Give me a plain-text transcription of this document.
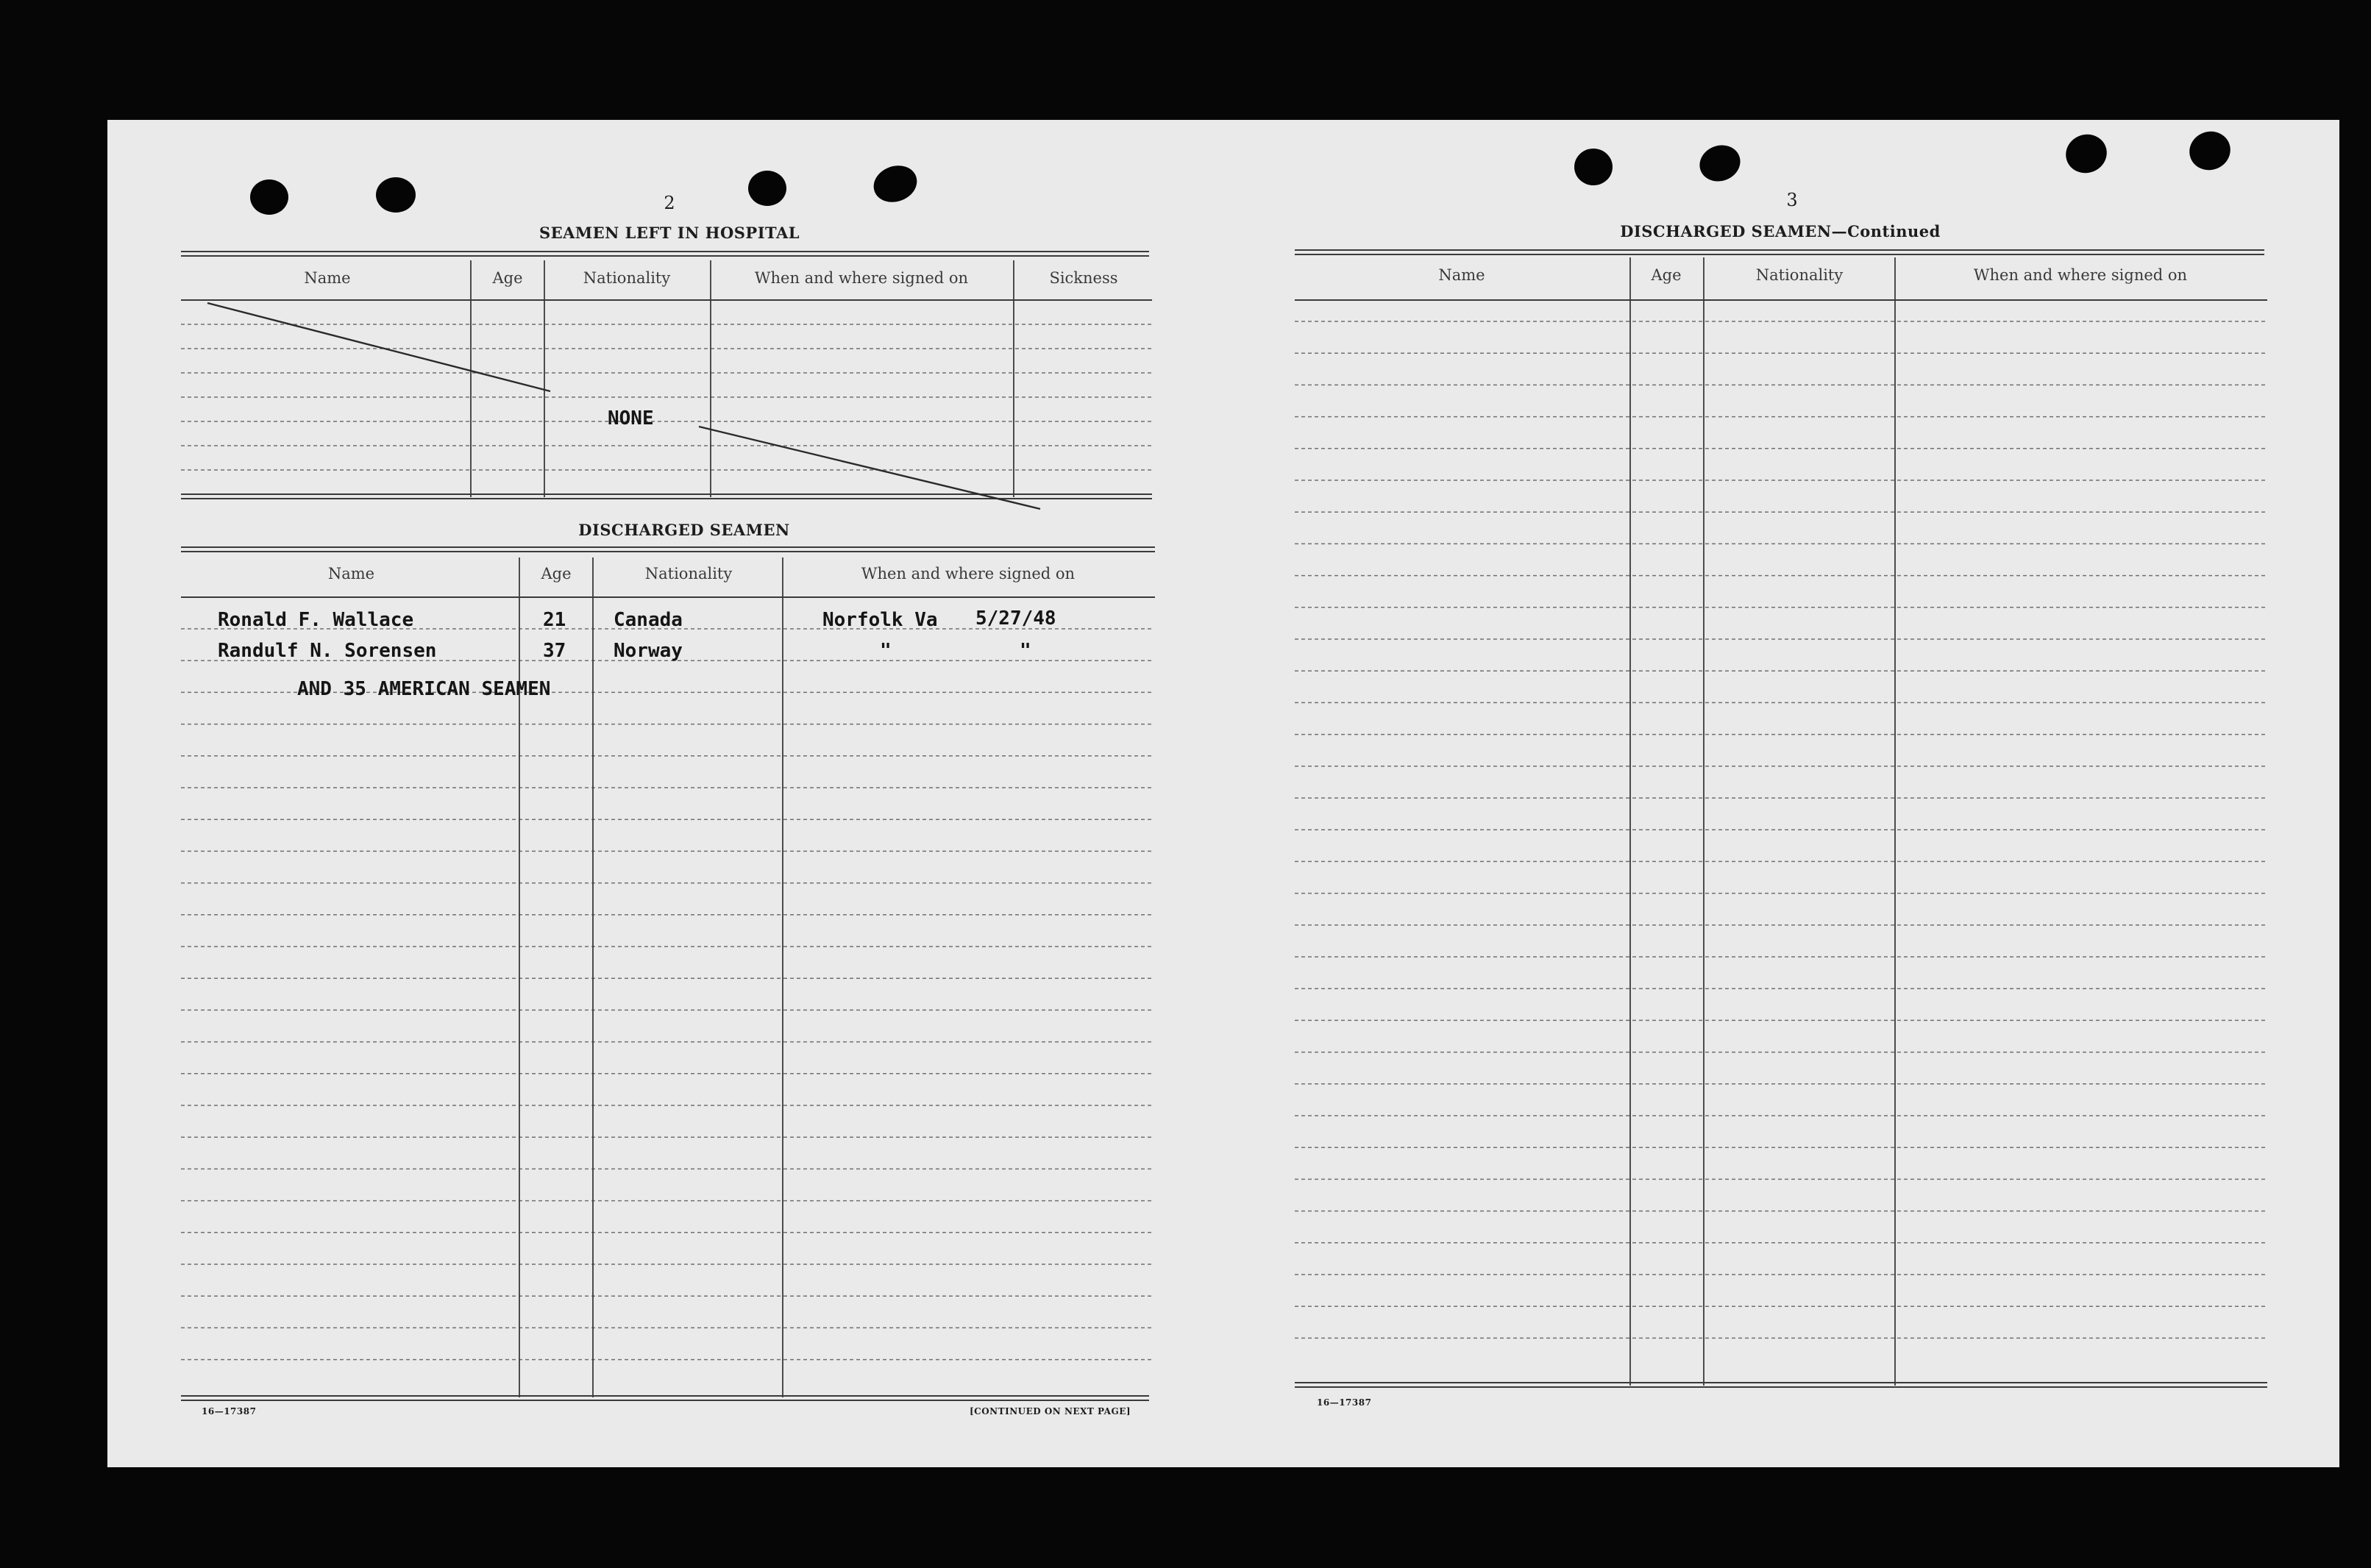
2
SEAMEN LEFT IN HOSPITAL
Name	Age	Nationality	When and where signed on	Sickness
NONE
DISCHARGED SEAMEN
Name	Age	Nationality	When and where signed on
Ronald F. Wallace	21 Canada	Norfolk Va 5/27/48
Randulf N. Sorensen	37 Norway	"	"
AND 35 AMERICAN SEAMEN
16—17387	[CONTINUED ON NEXT PAGE]
3
DISCHARGED SEAMEN—Continued
Name	Age	Nationality	When and where signed on
16—17387
